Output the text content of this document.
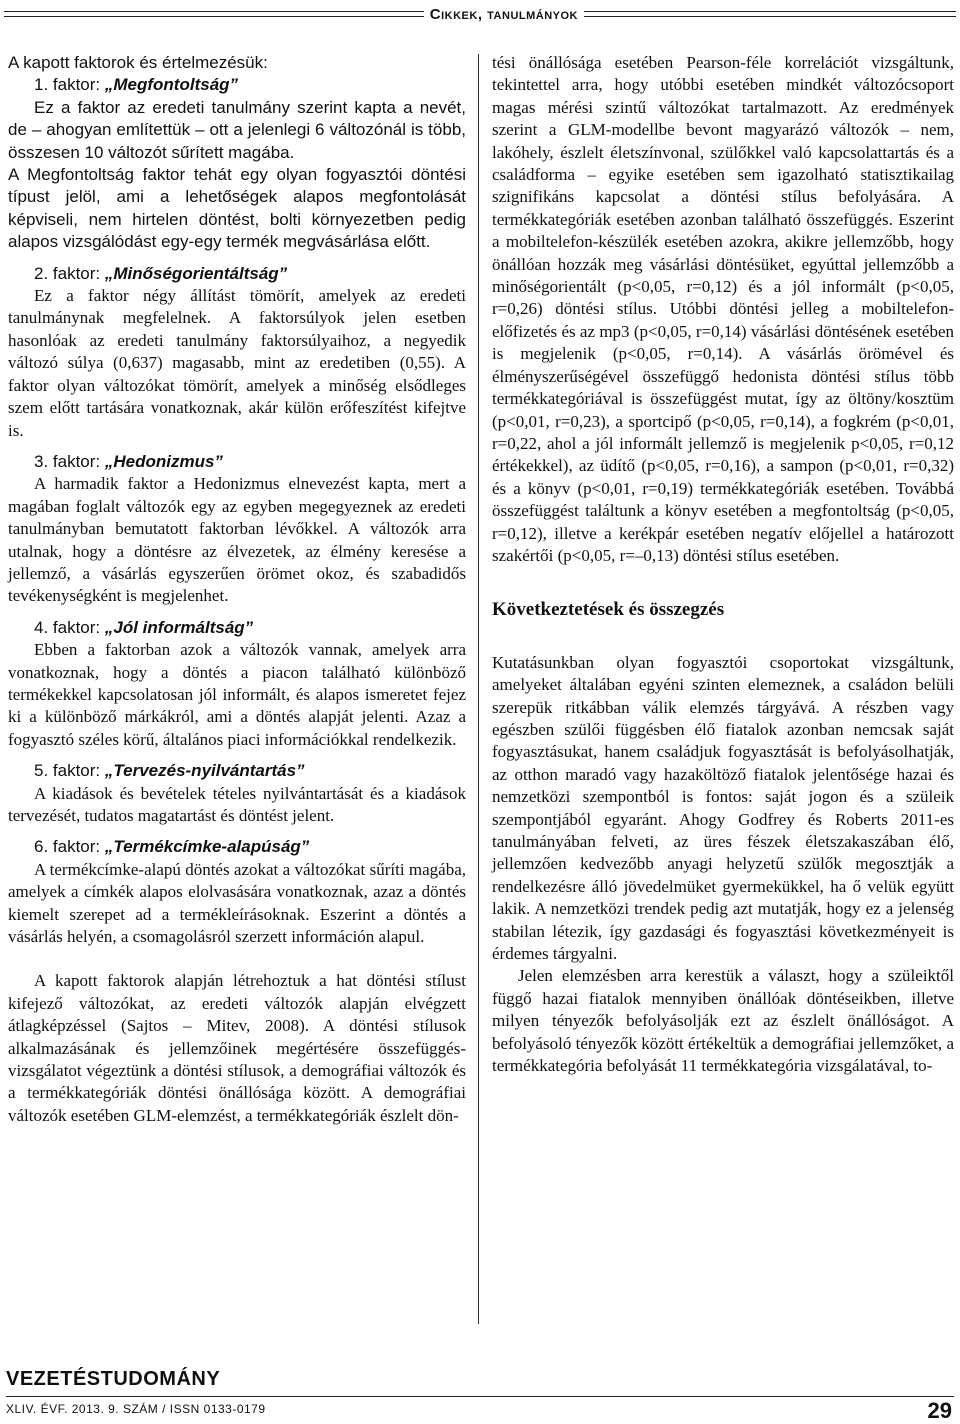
Cikkek, tanulmányok

A kapott faktorok és értelmezésük:

1. faktor: „Megfontoltság”

Ez a faktor az eredeti tanulmány szerint kapta a nevét, de – ahogyan említettük – ott a jelenlegi 6 változónál is több, összesen 10 változót sűrített magába.

A Megfontoltság faktor tehát egy olyan fogyasztói döntési típust jelöl, ami a lehetőségek alapos megfontolását képviseli, nem hirtelen döntést, bolti környezetben pedig alapos vizsgálódást egy-egy termék megvásárlása előtt.

2. faktor: „Minőségorientáltság”

Ez a faktor négy állítást tömörít, amelyek az eredeti tanulmánynak megfelelnek. A faktorsúlyok jelen esetben hasonlóak az eredeti tanulmány faktorsúlyaihoz, a negyedik változó súlya (0,637) magasabb, mint az eredetiben (0,55). A faktor olyan változókat tömörít, amelyek a minőség elsődleges szem előtt tartására vonatkoznak, akár külön erőfeszítést kifejtve is.

3. faktor: „Hedonizmus”

A harmadik faktor a Hedonizmus elnevezést kapta, mert a magában foglalt változók egy az egyben megegyeznek az eredeti tanulmányban bemutatott faktorban lévőkkel. A változók arra utalnak, hogy a döntésre az élvezetek, az élmény keresése a jellemző, a vásárlás egyszerűen örömet okoz, és szabadidős tevékenységként is megjelenhet.

4. faktor: „Jól informáltság”

Ebben a faktorban azok a változók vannak, amelyek arra vonatkoznak, hogy a döntés a piacon található különböző termékekkel kapcsolatosan jól informált, és alapos ismeretet fejez ki a különböző márkákról, ami a döntés alapját jelenti. Azaz a fogyasztó széles körű, általános piaci információkkal rendelkezik.

5. faktor: „Tervezés-nyilvántartás”

A kiadások és bevételek tételes nyilvántartását és a kiadások tervezését, tudatos magatartást és döntést jelent.

6. faktor: „Termékcímke-alapúság”

A termékcímke-alapú döntés azokat a változókat sűríti magába, amelyek a címkék alapos elolvasására vonatkoznak, azaz a döntés kiemelt szerepet ad a termékleírásoknak. Eszerint a döntés a vásárlás helyén, a csomagolásról szerzett információn alapul.

A kapott faktorok alapján létrehoztuk a hat döntési stílust kifejező változókat, az eredeti változók alapján elvégzett átlagképzéssel (Sajtos – Mitev, 2008). A döntési stílusok alkalmazásának és jellemzőinek megértésére összefüggés-vizsgálatot végeztünk a döntési stílusok, a demográfiai változók és a termékkategóriák döntési önállósága között. A demográfiai változók esetében GLM-elemzést, a termékkategóriák észlelt dön-

tési önállósága esetében Pearson-féle korrelációt vizsgáltunk, tekintettel arra, hogy utóbbi esetében mindkét változócsoport magas mérési szintű változókat tartalmazott. Az eredmények szerint a GLM-modellbe bevont magyarázó változók – nem, lakóhely, észlelt életszínvonal, szülőkkel való kapcsolattartás és a családforma – egyike esetében sem igazolható statisztikailag szignifikáns kapcsolat a döntési stílus befolyására. A termékkategóriák esetében azonban található összefüggés. Eszerint a mobiltelefon-készülék esetében azokra, akikre jellemzőbb, hogy önállóan hozzák meg vásárlási döntésüket, egyúttal jellemzőbb a minőségorientált (p<0,05, r=0,12) és a jól informált (p<0,05, r=0,26) döntési stílus. Utóbbi döntési jelleg a mobiltelefon-előfizetés és az mp3 (p<0,05, r=0,14) vásárlási döntésének esetében is megjelenik (p<0,05, r=0,14). A vásárlás örömével és élményszerűségével összefüggő hedonista döntési stílus több termékkategóriával is összefüggést mutat, így az öltöny/kosztüm (p<0,01, r=0,23), a sportcipő (p<0,05, r=0,14), a fogkrém (p<0,01, r=0,22, ahol a jól informált jellemző is megjelenik p<0,05, r=0,12 értékekkel), az üdítő (p<0,05, r=0,16), a sampon (p<0,01, r=0,32) és a könyv (p<0,01, r=0,19) termékkategóriák esetében. Továbbá összefüggést találtunk a könyv esetében a megfontoltság (p<0,05, r=0,12), illetve a kerékpár esetében negatív előjellel a határozott szakértői (p<0,05, r=–0,13) döntési stílus esetében.

Következtetések és összegzés

Kutatásunkban olyan fogyasztói csoportokat vizsgáltunk, amelyeket általában egyéni szinten elemeznek, a családon belüli szerepük ritkábban válik elemzés tárgyává. A részben vagy egészben szülői függésben élő fiatalok azonban nemcsak saját fogyasztásukat, hanem családjuk fogyasztását is befolyásolhatják, az otthon maradó vagy hazaköltöző fiatalok jelentősége hazai és nemzetközi szempontból is fontos: saját jogon és a szüleik szempontjából egyaránt. Ahogy Godfrey és Roberts 2011-es tanulmányában felveti, az üres fészek életszakaszában élő, jellemzően kedvezőbb anyagi helyzetű szülők megosztják a rendelkezésre álló jövedelmüket gyermekükkel, ha ő velük együtt lakik. A nemzetközi trendek pedig azt mutatják, hogy ez a jelenség stabilan létezik, így gazdasági és fogyasztási következményeit is érdemes tárgyalni.

Jelen elemzésben arra kerestük a választ, hogy a szüleiktől függő hazai fiatalok mennyiben önállóak döntéseikben, illetve milyen tényezők befolyásolják ezt az észlelt önállóságot. A befolyásoló tényezők között értékeltük a demográfiai jellemzőket, a termékkategória befolyását 11 termékkategória vizsgálatával, to-

VEZETÉSTUDOMÁNY
XLIV. ÉVF. 2013. 9. SZÁM / ISSN 0133-0179	29
